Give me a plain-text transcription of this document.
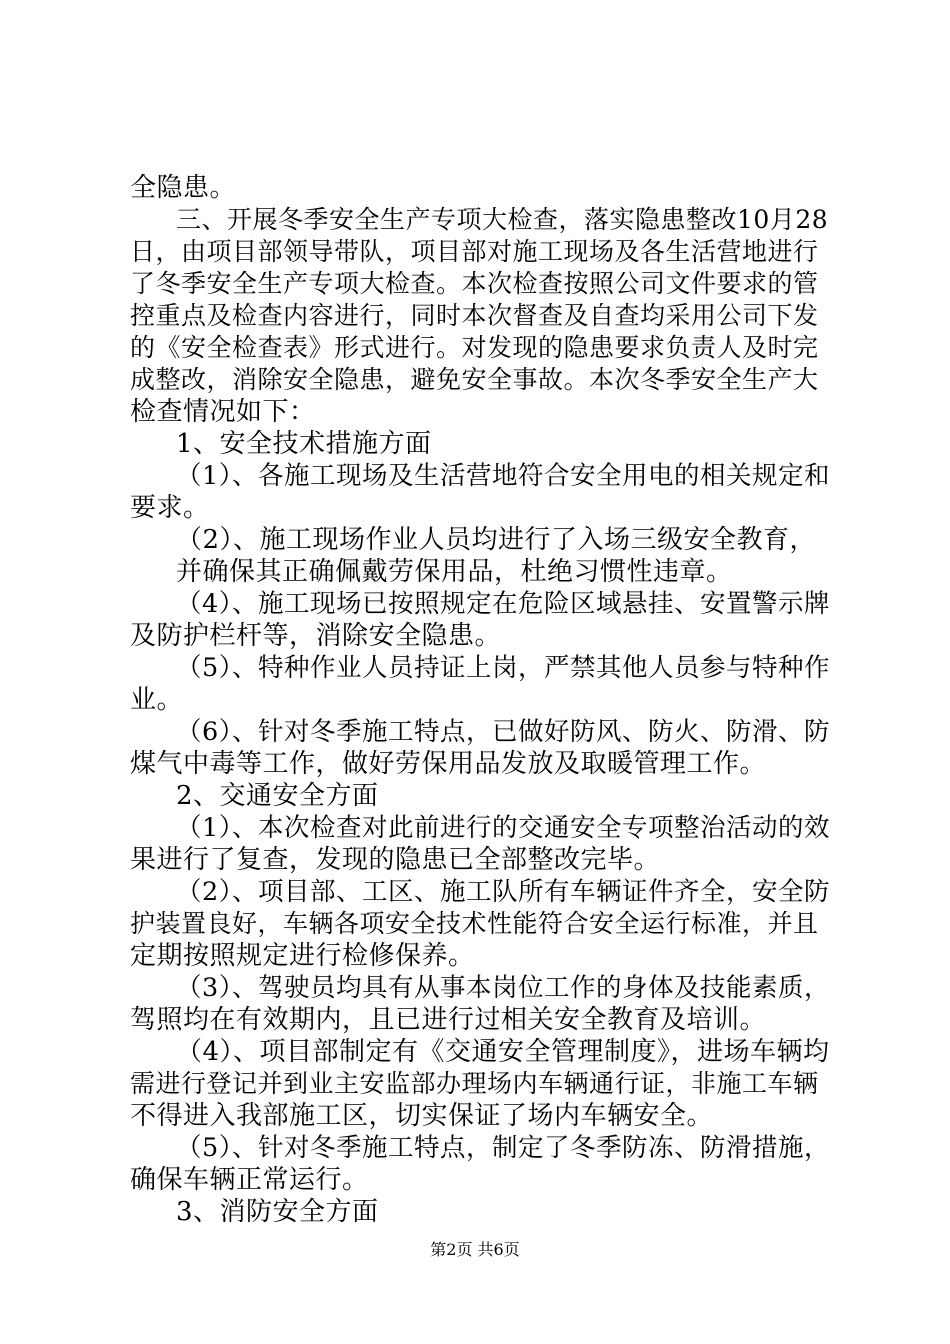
全隐患。
三、开展冬季安全生产专项大检查，落实隐患整改10月28
日，由项目部领导带队，项目部对施工现场及各生活营地进行
了冬季安全生产专项大检查。本次检查按照公司文件要求的管
控重点及检查内容进行，同时本次督查及自查均采用公司下发
的《安全检查表》形式进行。对发现的隐患要求负责人及时完
成整改，消除安全隐患，避免安全事故。本次冬季安全生产大
检查情况如下：
1、安全技术措施方面
（1）、各施工现场及生活营地符合安全用电的相关规定和
要求。
（2）、施工现场作业人员均进行了入场三级安全教育，
并确保其正确佩戴劳保用品，杜绝习惯性违章。
（4）、施工现场已按照规定在危险区域悬挂、安置警示牌
及防护栏杆等，消除安全隐患。
（5）、特种作业人员持证上岗，严禁其他人员参与特种作
业。
（6）、针对冬季施工特点，已做好防风、防火、防滑、防
煤气中毒等工作，做好劳保用品发放及取暖管理工作。
2、交通安全方面
（1）、本次检查对此前进行的交通安全专项整治活动的效
果进行了复查，发现的隐患已全部整改完毕。
（2）、项目部、工区、施工队所有车辆证件齐全，安全防
护装置良好，车辆各项安全技术性能符合安全运行标准，并且
定期按照规定进行检修保养。
（3）、驾驶员均具有从事本岗位工作的身体及技能素质，
驾照均在有效期内，且已进行过相关安全教育及培训。
（4）、项目部制定有《交通安全管理制度》，进场车辆均
需进行登记并到业主安监部办理场内车辆通行证，非施工车辆
不得进入我部施工区，切实保证了场内车辆安全。
（5）、针对冬季施工特点，制定了冬季防冻、防滑措施，
确保车辆正常运行。
3、消防安全方面
第2页 共6页
